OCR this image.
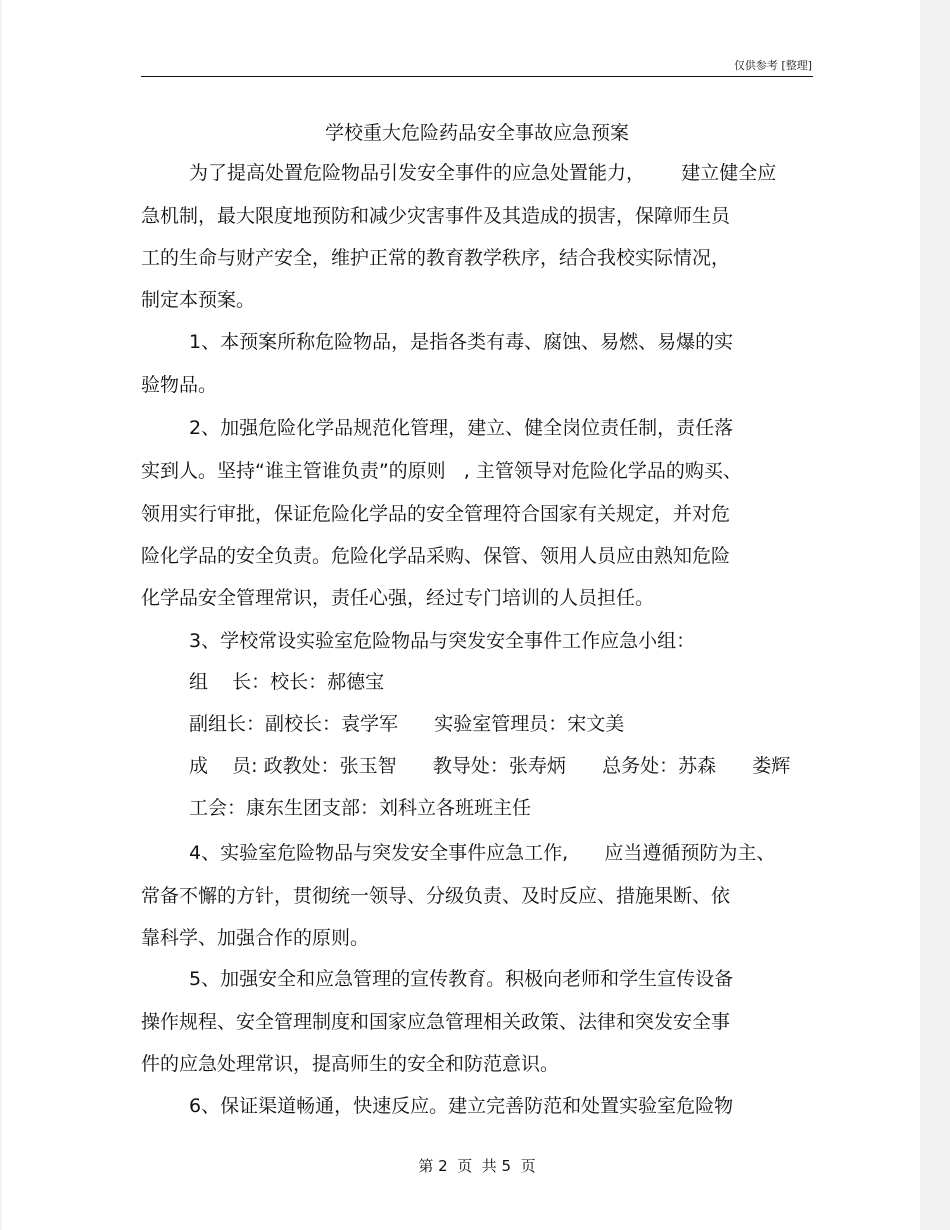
仅供参考 [整理]
学校重大危险药品安全事故应急预案
为了提高处置危险物品引发安全事件的应急处置能力，      建立健全应
急机制，最大限度地预防和减少灾害事件及其造成的损害，保障师生员
工的生命与财产安全，维护正常的教育教学秩序，结合我校实际情况，
制定本预案。
1、本预案所称危险物品，是指各类有毒、腐蚀、易燃、易爆的实
验物品。
2、加强危险化学品规范化管理，建立、健全岗位责任制，责任落
实到人。坚持“谁主管谁负责”的原则   , 主管领导对危险化学品的购买、
领用实行审批，保证危险化学品的安全管理符合国家有关规定，并对危
险化学品的安全负责。危险化学品采购、保管、领用人员应由熟知危险
化学品安全管理常识，责任心强，经过专门培训的人员担任。
3、学校常设实验室危险物品与突发安全事件工作应急小组：
组    长：校长：郝德宝
副组长：副校长：袁学军      实验室管理员：宋文美
成    员: 政教处：张玉智      教导处：张寿炳      总务处：苏森      娄辉
工会：康东生团支部：刘科立各班班主任
4、实验室危险物品与突发安全事件应急工作,      应当遵循预防为主、
常备不懈的方针，贯彻统一领导、分级负责、及时反应、措施果断、依
靠科学、加强合作的原则。
5、加强安全和应急管理的宣传教育。积极向老师和学生宣传设备
操作规程、安全管理制度和国家应急管理相关政策、法律和突发安全事
件的应急处理常识，提高师生的安全和防范意识。
6、保证渠道畅通，快速反应。建立完善防范和处置实验室危险物
第 2  页  共 5  页
